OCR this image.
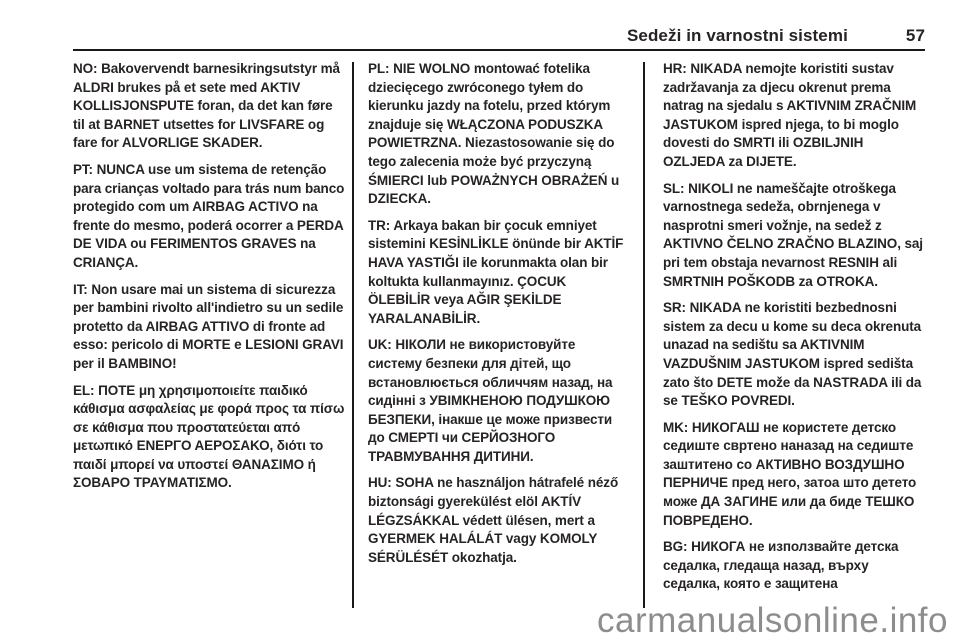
Sedeži in varnostni sistemi	57

NO: Bakovervendt barnesikringsutstyr må ALDRI brukes på et sete med AKTIV KOLLISJONSPUTE foran, da det kan føre til at BARNET utsettes for LIVSFARE og fare for ALVORLIGE SKADER.

PT: NUNCA use um sistema de retenção para crianças voltado para trás num banco protegido com um AIRBAG ACTIVO na frente do mesmo, poderá ocorrer a PERDA DE VIDA ou FERIMENTOS GRAVES na CRIANÇA.

IT: Non usare mai un sistema di sicurezza per bambini rivolto all'indietro su un sedile protetto da AIRBAG ATTIVO di fronte ad esso: pericolo di MORTE e LESIONI GRAVI per il BAMBINO!

EL: ΠΟΤΕ μη χρησιμοποιείτε παιδικό κάθισμα ασφαλείας με φορά προς τα πίσω σε κάθισμα που προστατεύεται από μετωπικό ΕΝΕΡΓΟ ΑΕΡΟΣΑΚΟ, διότι το παιδί μπορεί να υποστεί ΘΑΝΑΣΙΜΟ ή ΣΟΒΑΡΟ ΤΡΑΥΜΑΤΙΣΜΟ.

PL: NIE WOLNO montować fotelika dziecięcego zwróconego tyłem do kierunku jazdy na fotelu, przed którym znajduje się WŁĄCZONA PODUSZKA POWIETRZNA. Niezastosowanie się do tego zalecenia może być przyczyną ŚMIERCI lub POWAŻNYCH OBRAŻEŃ u DZIECKA.

TR: Arkaya bakan bir çocuk emniyet sistemini KESİNLİKLE önünde bir AKTİF HAVA YASTIĞI ile korunmakta olan bir koltukta kullanmayınız. ÇOCUK ÖLEBİLİR veya AĞIR ŞEKİLDE YARALANABİLİR.

UK: НІКОЛИ не використовуйте систему безпеки для дітей, що встановлюється обличчям назад, на сидінні з УВІМКНЕНОЮ ПОДУШКОЮ БЕЗПЕКИ, інакше це може призвести до СМЕРТІ чи СЕРЙОЗНОГО ТРАВМУВАННЯ ДИТИНИ.

HU: SOHA ne használjon hátrafelé néző biztonsági gyerekülést elöl AKTÍV LÉGZSÁKKAL védett ülésen, mert a GYERMEK HALÁLÁT vagy KOMOLY SÉRÜLÉSÉT okozhatja.

HR: NIKADA nemojte koristiti sustav zadržavanja za djecu okrenut prema natrag na sjedalu s AKTIVNIM ZRAČNIM JASTUKOM ispred njega, to bi moglo dovesti do SMRTI ili OZBILJNIH OZLJEDA za DIJETE.

SL: NIKOLI ne nameščajte otroškega varnostnega sedeža, obrnjenega v nasprotni smeri vožnje, na sedež z AKTIVNO ČELNO ZRAČNO BLAZINO, saj pri tem obstaja nevarnost RESNIH ali SMRTNIH POŠKODB za OTROKA.

SR: NIKADA ne koristiti bezbednosni sistem za decu u kome su deca okrenuta unazad na sedištu sa AKTIVNIM VAZDUŠNIM JASTUKOM ispred sedišta zato što DETE može da NASTRADA ili da se TEŠKO POVREDI.

MK: НИКОГАШ не користете детско седиште свртено наназад на седиште заштитено со АКТИВНО ВОЗДУШНО ПЕРНИЧЕ пред него, затоа што детето може ДА ЗАГИНЕ или да биде ТЕШКО ПОВРЕДЕНО.

BG: НИКОГА не използвайте детска седалка, гледаща назад, върху седалка, която е защитена

carmanualsonline.info
